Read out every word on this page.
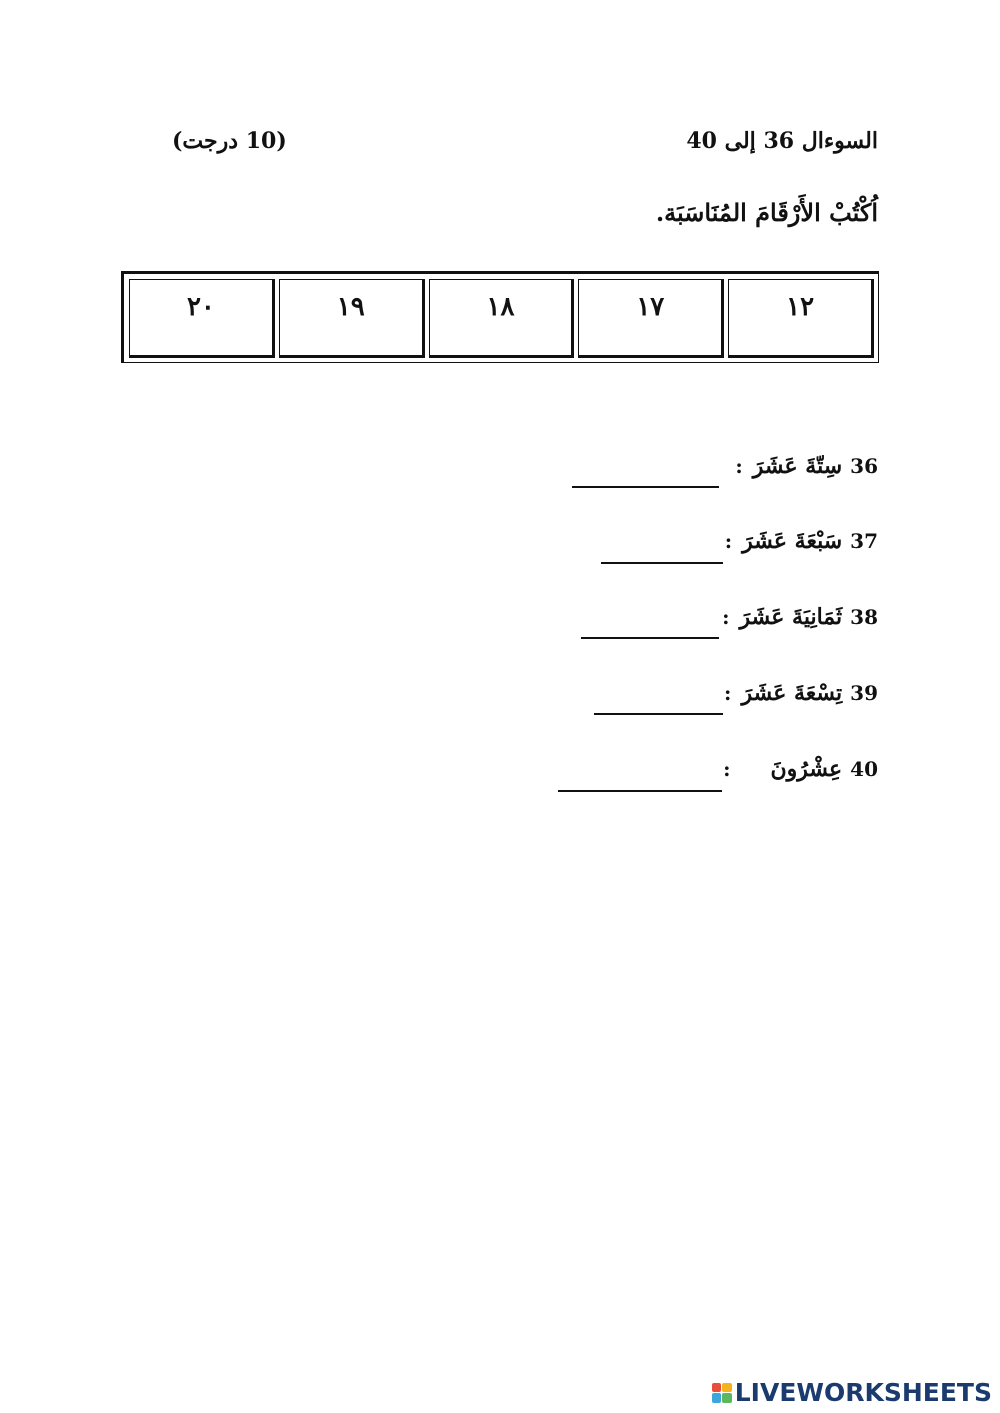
السوءال 36 إلى 40
(10 درجت)
اُكْتُبْ الأَرْقَامَ المُنَاسَبَة.
١٢
١٧
١٨
١٩
٢٠
36
سِتّةَ عَشَرَ
:
37
سَبْعَةَ عَشَرَ
:
38
ثَمَانِيَةَ عَشَرَ
:
39
تِسْعَةَ عَشَرَ
:
40
عِشْرُونَ
:
LIVEWORKSHEETS
